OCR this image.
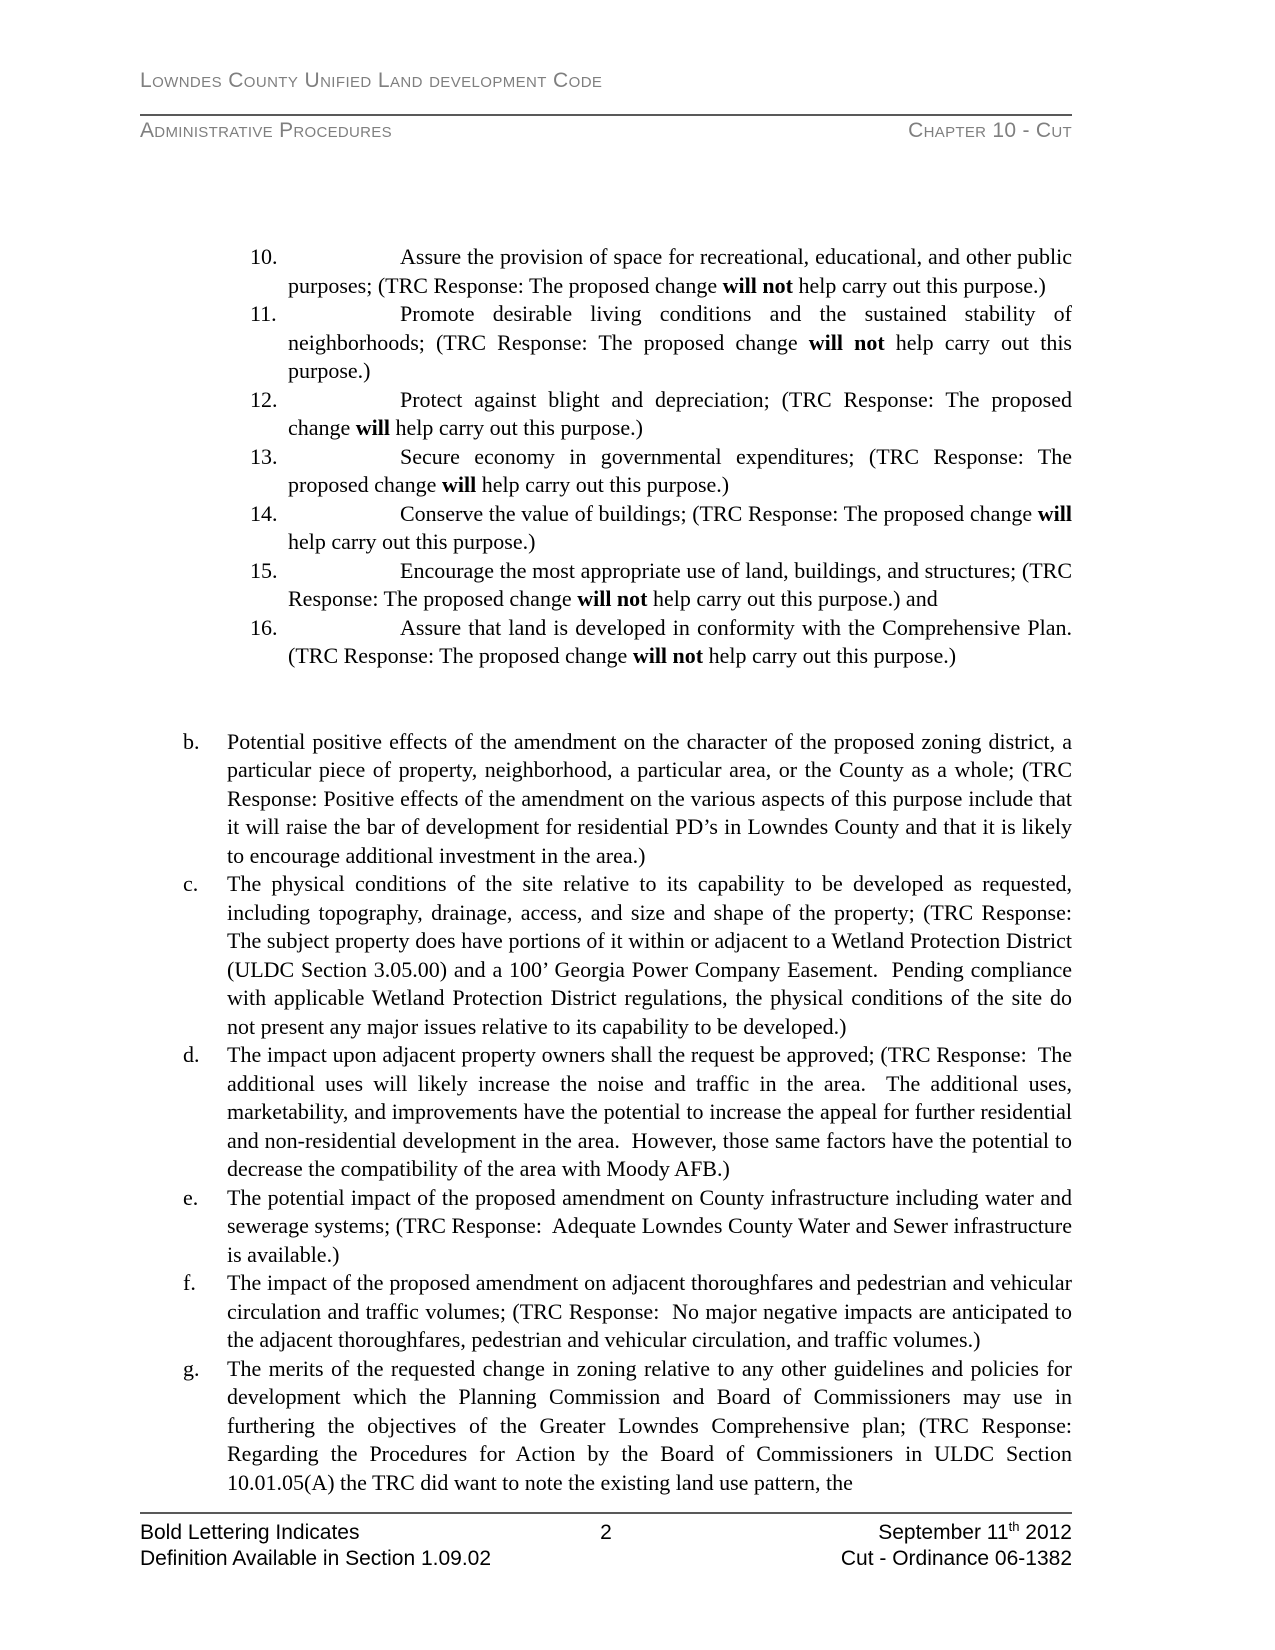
Lowndes County Unified Land development Code
Administrative Procedures	Chapter 10 - Cut

10.	Assure the provision of space for recreational, educational, and other public purposes; (TRC Response: The proposed change will not help carry out this purpose.)
11.	Promote desirable living conditions and the sustained stability of neighborhoods; (TRC Response: The proposed change will not help carry out this purpose.)
12.	Protect against blight and depreciation; (TRC Response: The proposed change will help carry out this purpose.)
13.	Secure economy in governmental expenditures; (TRC Response: The proposed change will help carry out this purpose.)
14.	Conserve the value of buildings; (TRC Response: The proposed change will help carry out this purpose.)
15.	Encourage the most appropriate use of land, buildings, and structures; (TRC Response: The proposed change will not help carry out this purpose.) and
16.	Assure that land is developed in conformity with the Comprehensive Plan. (TRC Response: The proposed change will not help carry out this purpose.)

b. Potential positive effects of the amendment on the character of the proposed zoning district, a particular piece of property, neighborhood, a particular area, or the County as a whole; (TRC Response: Positive effects of the amendment on the various aspects of this purpose include that it will raise the bar of development for residential PD’s in Lowndes County and that it is likely to encourage additional investment in the area.)
c. The physical conditions of the site relative to its capability to be developed as requested, including topography, drainage, access, and size and shape of the property; (TRC Response: The subject property does have portions of it within or adjacent to a Wetland Protection District (ULDC Section 3.05.00) and a 100’ Georgia Power Company Easement.  Pending compliance with applicable Wetland Protection District regulations, the physical conditions of the site do not present any major issues relative to its capability to be developed.)
d. The impact upon adjacent property owners shall the request be approved; (TRC Response:  The additional uses will likely increase the noise and traffic in the area.  The additional uses, marketability, and improvements have the potential to increase the appeal for further residential and non-residential development in the area.  However, those same factors have the potential to decrease the compatibility of the area with Moody AFB.)
e. The potential impact of the proposed amendment on County infrastructure including water and sewerage systems; (TRC Response:  Adequate Lowndes County Water and Sewer infrastructure is available.)
f. The impact of the proposed amendment on adjacent thoroughfares and pedestrian and vehicular circulation and traffic volumes; (TRC Response:  No major negative impacts are anticipated to the adjacent thoroughfares, pedestrian and vehicular circulation, and traffic volumes.)
g. The merits of the requested change in zoning relative to any other guidelines and policies for development which the Planning Commission and Board of Commissioners may use in furthering the objectives of the Greater Lowndes Comprehensive plan; (TRC Response:  Regarding the Procedures for Action by the Board of Commissioners in ULDC Section 10.01.05(A) the TRC did want to note the existing land use pattern, the

Bold Lettering Indicates
Definition Available in Section 1.09.02
2	September 11th 2012
Cut - Ordinance 06-1382
